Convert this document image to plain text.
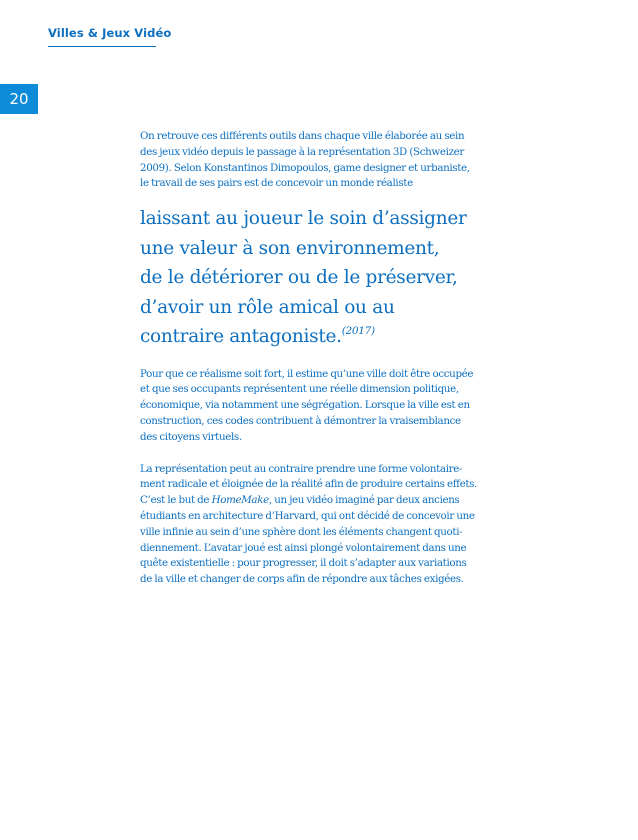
Villes & Jeux Vidéo
20

On retrouve ces différents outils dans chaque ville élaborée au sein
des jeux vidéo depuis le passage à la représentation 3D (Schweizer
2009). Selon Konstantinos Dimopoulos, game designer et urbaniste,
le travail de ses pairs est de concevoir un monde réaliste

laissant au joueur le soin d’assigner
une valeur à son environnement,
de le détériorer ou de le préserver,
d’avoir un rôle amical ou au
contraire antagoniste.$^{(2017)}$

Pour que ce réalisme soit fort, il estime qu’une ville doit être occupée
et que ses occupants représentent une réelle dimension politique,
économique, via notamment une ségrégation. Lorsque la ville est en
construction, ces codes contribuent à démontrer la vraisemblance
des citoyens virtuels.

La représentation peut au contraire prendre une forme volontaire-
ment radicale et éloignée de la réalité afin de produire certains effets.
C’est le but de HomeMake, un jeu vidéo imaginé par deux anciens
étudiants en architecture d’Harvard, qui ont décidé de concevoir une
ville infinie au sein d’une sphère dont les éléments changent quoti-
diennement. L’avatar joué est ainsi plongé volontairement dans une
quête existentielle : pour progresser, il doit s’adapter aux variations
de la ville et changer de corps afin de répondre aux tâches exigées.
